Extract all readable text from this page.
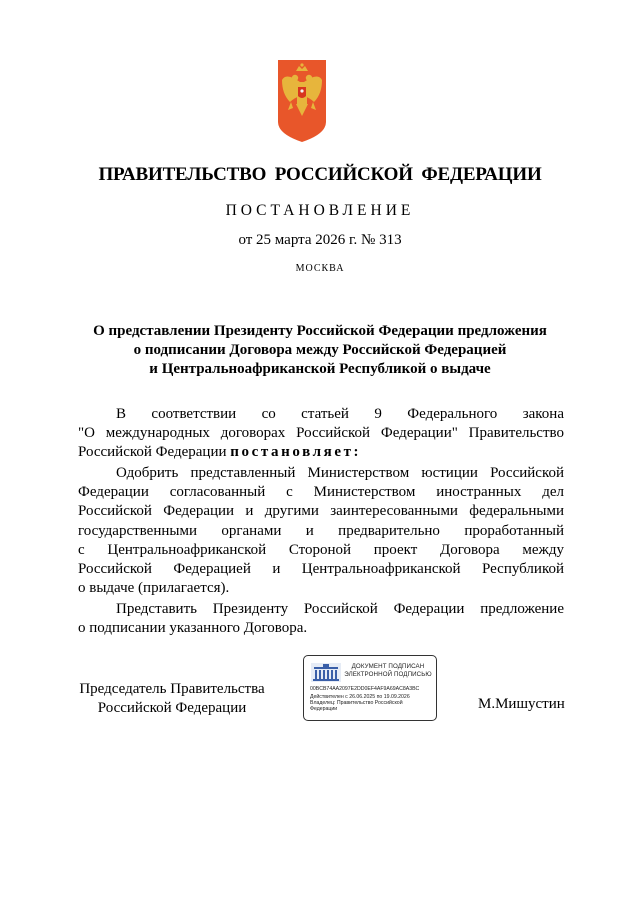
ПРАВИТЕЛЬСТВО РОССИЙСКОЙ ФЕДЕРАЦИИ
ПОСТАНОВЛЕНИЕ
от 25 марта 2026 г. № 313
МОСКВА
О представлении Президенту Российской Федерации предложения
о подписании Договора между Российской Федерацией
и Центральноафриканской Республикой о выдаче
В соответствии со статьей 9 Федерального закона
"О международных договорах Российской Федерации" Правительство
Российской Федерации постановляет:
Одобрить представленный Министерством юстиции Российской
Федерации согласованный с Министерством иностранных дел
Российской Федерации и другими заинтересованными федеральными
государственными органами и предварительно проработанный
с Центральноафриканской Стороной проект Договора между
Российской Федерацией и Центральноафриканской Республикой
о выдаче (прилагается).
Представить Президенту Российской Федерации предложение
о подписании указанного Договора.
Председатель Правительства
Российской Федерации
ДОКУМЕНТ ПОДПИСАН
ЭЛЕКТРОННОЙ ПОДПИСЬЮ
00BCB74AA2097E2DD0EF4AF9A69AC8A3BC
Действителен с 26.06.2025 по 19.09.2026
Владелец: Правительство Российской
Федерации	М.Мишустин
